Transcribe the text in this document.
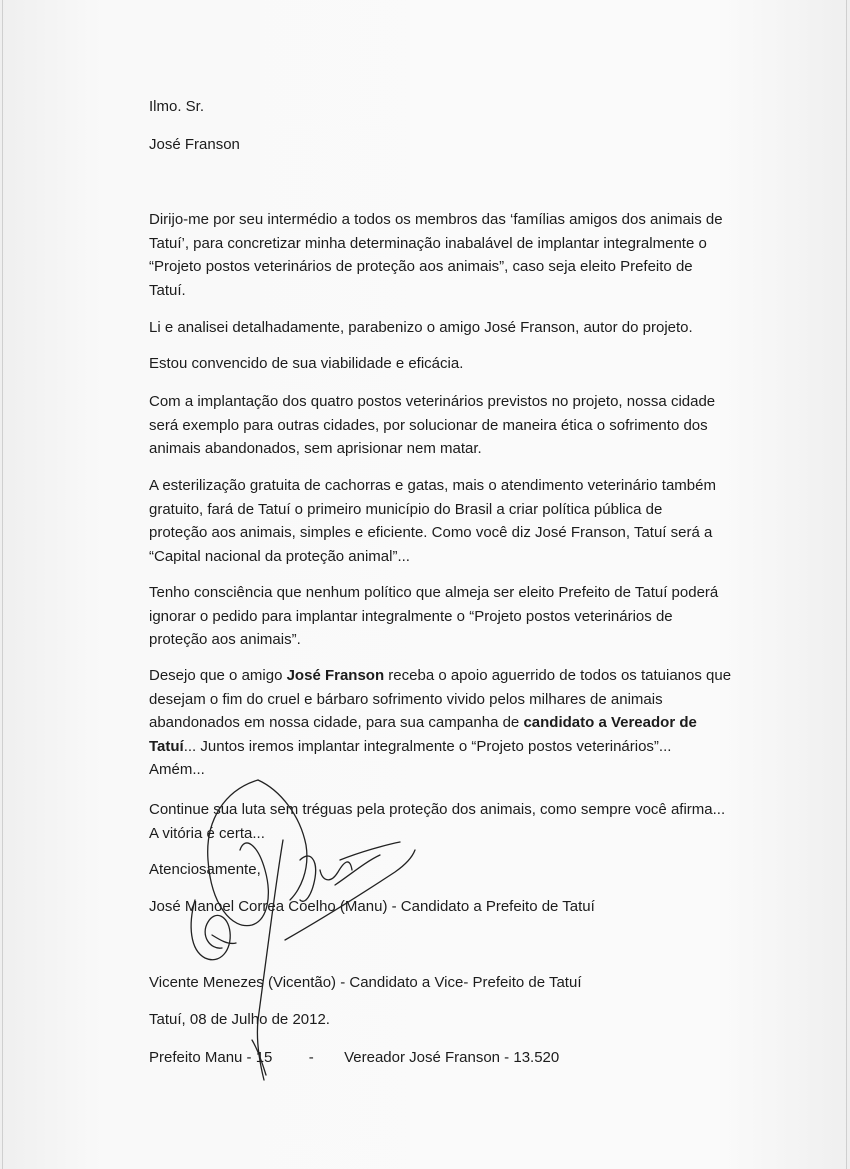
Ilmo. Sr.
José Franson
Dirijo-me por seu intermédio a todos os membros das ‘famílias amigos dos animais de
Tatuí’, para concretizar minha determinação inabalável de implantar integralmente o
“Projeto postos veterinários de proteção aos animais”, caso seja eleito Prefeito de
Tatuí.
Li e analisei detalhadamente, parabenizo o amigo José Franson, autor do projeto.
Estou convencido de sua viabilidade e eficácia.
Com a implantação dos quatro postos veterinários previstos no projeto, nossa cidade
será exemplo para outras cidades, por solucionar de maneira ética o sofrimento dos
animais abandonados, sem aprisionar nem matar.
A esterilização gratuita de cachorras e gatas, mais o atendimento veterinário também
gratuito, fará de Tatuí o primeiro município do Brasil a criar política pública de
proteção aos animais, simples e eficiente. Como você diz José Franson, Tatuí será a
“Capital nacional da proteção animal”...
Tenho consciência que nenhum político que almeja ser eleito Prefeito de Tatuí poderá
ignorar o pedido para implantar integralmente o “Projeto postos veterinários de
proteção aos animais”.
Desejo que o amigo José Franson receba o apoio aguerrido de todos os tatuianos que
desejam o fim do cruel e bárbaro sofrimento vivido pelos milhares de animais
abandonados em nossa cidade, para sua campanha de candidato a Vereador de
Tatuí... Juntos iremos implantar integralmente o “Projeto postos veterinários”...
Amém...
Continue sua luta sem tréguas pela proteção dos animais, como sempre você afirma...
A vitória é certa...
Atenciosamente,
José Manoel Correa Coelho (Manu) - Candidato a Prefeito de Tatuí
Vicente Menezes (Vicentão) - Candidato a Vice- Prefeito de Tatuí
Tatuí, 08 de Julho de 2012.
Prefeito Manu - 15 - Vereador José Franson - 13.520
